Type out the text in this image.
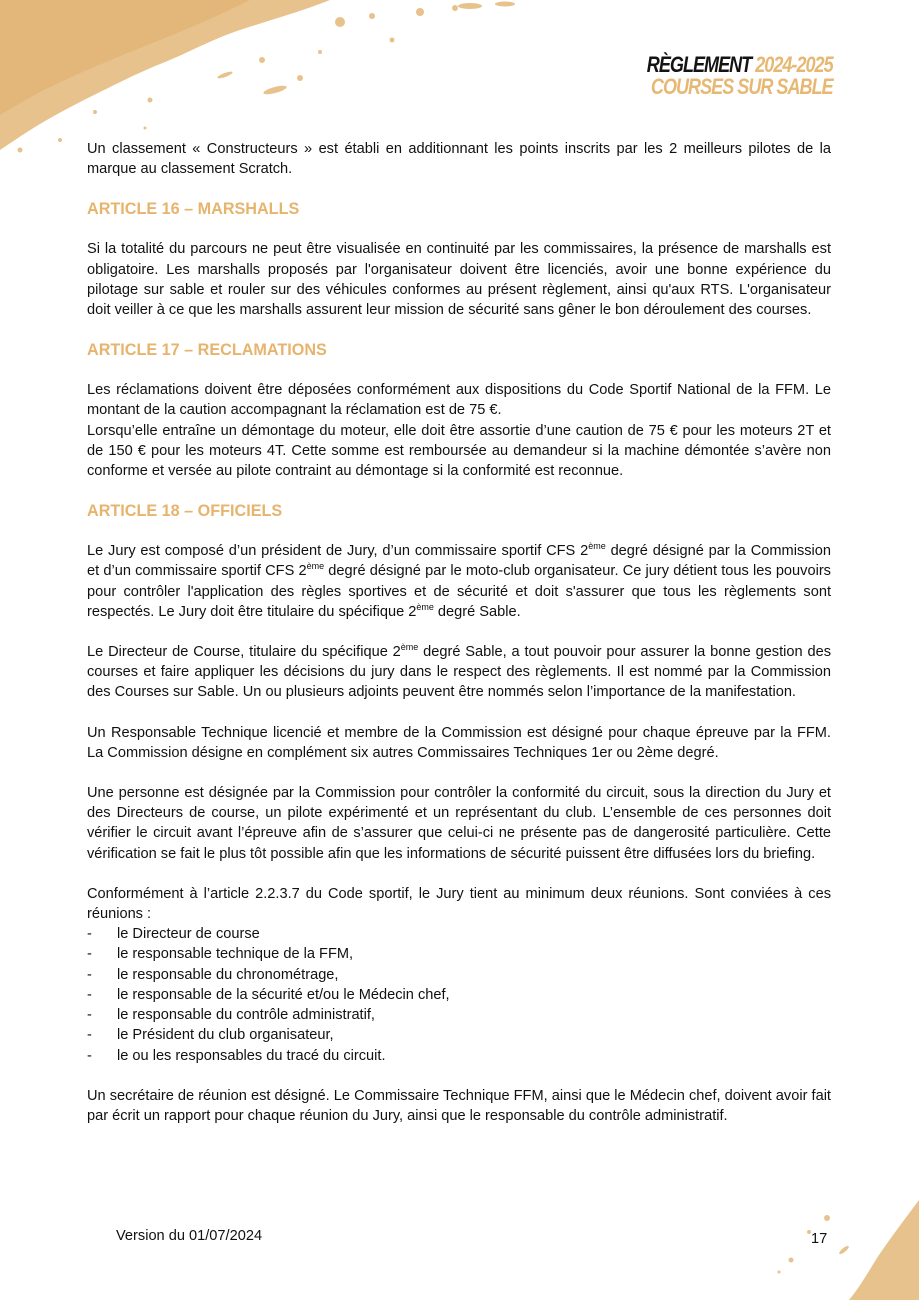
RÈGLEMENT 2024-2025
COURSES SUR SABLE

Un classement « Constructeurs » est établi en additionnant les points inscrits par les 2 meilleurs pilotes de la marque au classement Scratch.

ARTICLE 16 – MARSHALLS

Si la totalité du parcours ne peut être visualisée en continuité par les commissaires, la présence de marshalls est obligatoire. Les marshalls proposés par l'organisateur doivent être licenciés, avoir une bonne expérience du pilotage sur sable et rouler sur des véhicules conformes au présent règlement, ainsi qu'aux RTS. L'organisateur doit veiller à ce que les marshalls assurent leur mission de sécurité sans gêner le bon déroulement des courses.

ARTICLE 17 – RECLAMATIONS

Les réclamations doivent être déposées conformément aux dispositions du Code Sportif National de la FFM. Le montant de la caution accompagnant la réclamation est de 75 €.

Lorsqu’elle entraîne un démontage du moteur, elle doit être assortie d’une caution de 75 € pour les moteurs 2T et de 150 € pour les moteurs 4T. Cette somme est remboursée au demandeur si la machine démontée s’avère non conforme et versée au pilote contraint au démontage si la conformité est reconnue.

ARTICLE 18 – OFFICIELS

Le Jury est composé d’un président de Jury, d’un commissaire sportif CFS 2ème degré désigné par la Commission et d’un commissaire sportif CFS 2ème degré désigné par le moto-club organisateur. Ce jury détient tous les pouvoirs pour contrôler l'application des règles sportives et de sécurité et doit s'assurer que tous les règlements sont respectés. Le Jury doit être titulaire du spécifique 2ème degré Sable.

Le Directeur de Course, titulaire du spécifique 2ème degré Sable, a tout pouvoir pour assurer la bonne gestion des courses et faire appliquer les décisions du jury dans le respect des règlements. Il est nommé par la Commission des Courses sur Sable. Un ou plusieurs adjoints peuvent être nommés selon l’importance de la manifestation.

Un Responsable Technique licencié et membre de la Commission est désigné pour chaque épreuve par la FFM. La Commission désigne en complément six autres Commissaires Techniques 1er ou 2ème degré.

Une personne est désignée par la Commission pour contrôler la conformité du circuit, sous la direction du Jury et des Directeurs de course, un pilote expérimenté et un représentant du club. L’ensemble de ces personnes doit vérifier le circuit avant l’épreuve afin de s’assurer que celui-ci ne présente pas de dangerosité particulière. Cette vérification se fait le plus tôt possible afin que les informations de sécurité puissent être diffusées lors du briefing.

Conformément à l’article 2.2.3.7 du Code sportif, le Jury tient au minimum deux réunions. Sont conviées à ces réunions :

- le Directeur de course
- le responsable technique de la FFM,
- le responsable du chronométrage,
- le responsable de la sécurité et/ou le Médecin chef,
- le responsable du contrôle administratif,
- le Président du club organisateur,
- le ou les responsables du tracé du circuit.

Un secrétaire de réunion est désigné. Le Commissaire Technique FFM, ainsi que le Médecin chef, doivent avoir fait par écrit un rapport pour chaque réunion du Jury, ainsi que le responsable du contrôle administratif.

Version du 01/07/2024	17
